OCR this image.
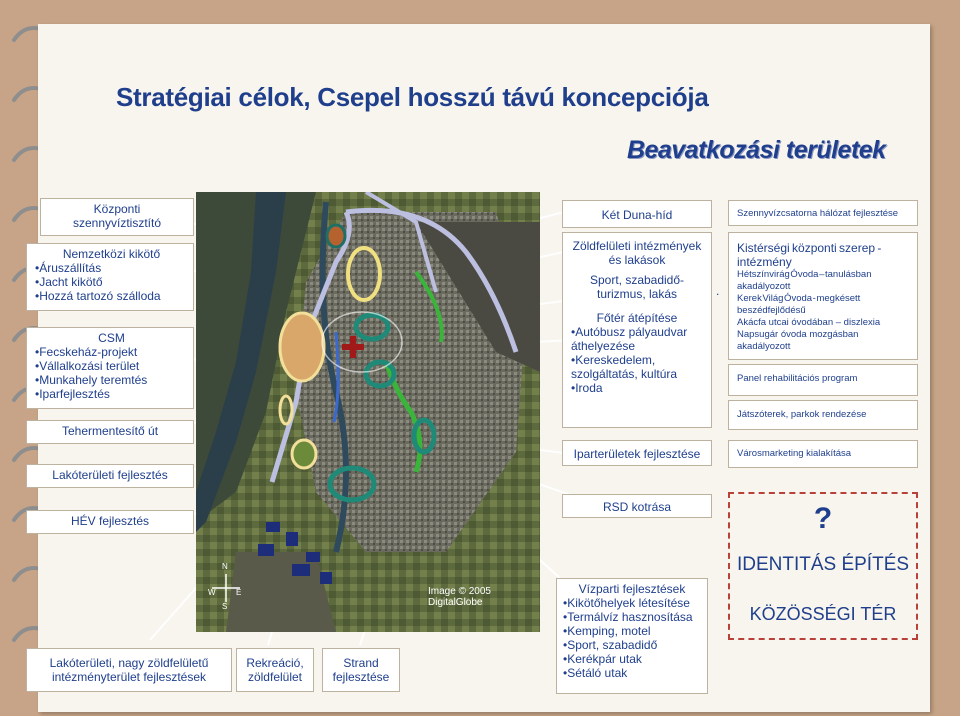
Stratégiai célok, Csepel hosszú távú koncepciója
Beavatkozási területek
N
E
S
W	Image © 2005 DigitalGlobe
Központi
szennyvíztisztító
Nemzetközi kikötő
•Áruszállítás
•Jacht kikötő
•Hozzá tartozó szálloda
CSM
•Fecskeház-projekt
•Vállalkozási terület
•Munkahely teremtés
•Iparfejlesztés
Tehermentesítő út
Lakóterületi fejlesztés
HÉV fejlesztés
Lakóterületi, nagy zöldfelületű
intézményterület fejlesztések
Rekreáció,
zöldfelület
Strand
fejlesztése
Két Duna-híd
Zöldfelületi intézmények
és lakások
Sport, szabadidő-
turizmus, lakás
Főtér átépítése
•Autóbusz pályaudvar
áthelyezése
•Kereskedelem,
szolgáltatás, kultúra
•Iroda
Iparterületek fejlesztése
RSD kotrása
Vízparti fejlesztések
•Kikötőhelyek létesítése
•Termálvíz hasznosítása
•Kemping, motel
•Sport, szabadidő
•Kerékpár utak
•Sétáló utak
.
Szennyvízcsatorna hálózat fejlesztése
Kistérségi központi szerep -
intézmény
Hétszínvirág Óvoda – tanulásban
akadályozott
Kerek Világ Óvoda - megkésett
beszédfejlődésű
Akácfa utcai óvodában – diszlexia
Napsugár óvoda mozgásban akadályozott
Panel rehabilitációs program
Játszóterek, parkok rendezése
Városmarketing kialakítása
?
IDENTITÁS ÉPÍTÉS
KÖZÖSSÉGI TÉR
